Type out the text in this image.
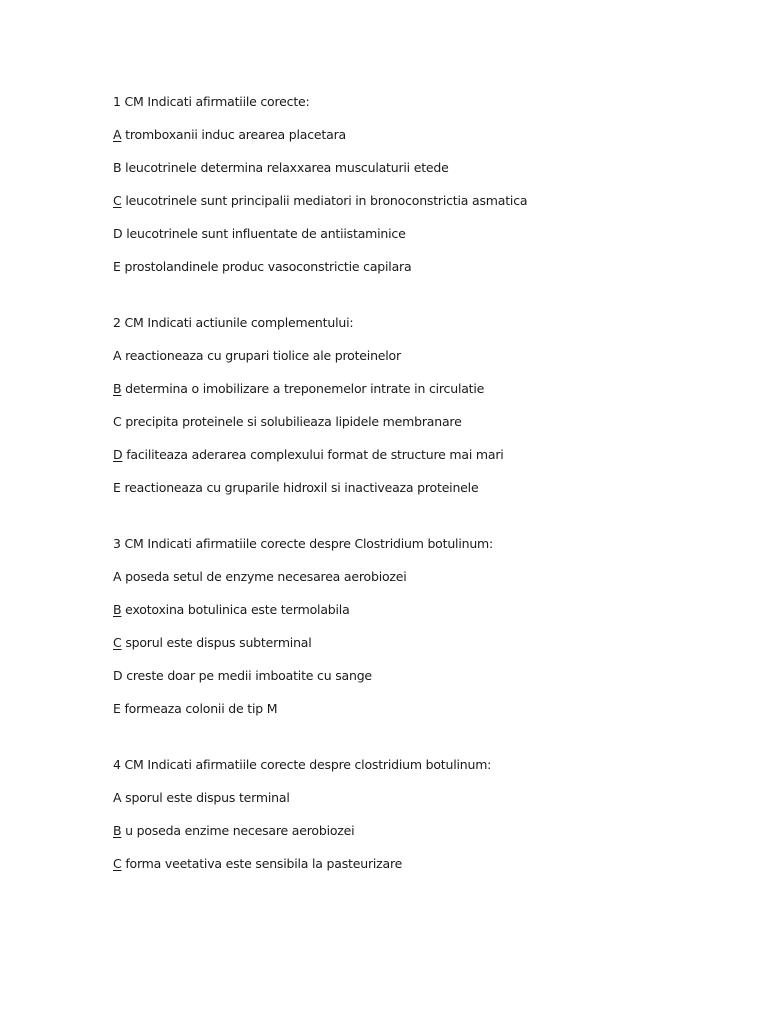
1 CM Indicati afirmatiile corecte:
A tromboxanii induc arearea placetara
B leucotrinele determina relaxxarea musculaturii etede
C leucotrinele sunt principalii mediatori in bronoconstrictia asmatica
D leucotrinele sunt influentate de antiistaminice
E prostolandinele produc vasoconstrictie capilara
2 CM Indicati actiunile complementului:
A reactioneaza cu grupari tiolice ale proteinelor
B determina o imobilizare a treponemelor intrate in circulatie
C precipita proteinele si solubilieaza lipidele membranare
D faciliteaza aderarea complexului format de structure mai mari
E reactioneaza cu gruparile hidroxil si inactiveaza proteinele
3 CM Indicati afirmatiile corecte despre Clostridium botulinum:
A poseda setul de enzyme necesarea aerobiozei
B exotoxina botulinica este termolabila
C sporul este dispus subterminal
D creste doar pe medii imboatite cu sange
E formeaza colonii de tip M
4 CM Indicati afirmatiile corecte despre clostridium botulinum:
A sporul este dispus terminal
B u poseda enzime necesare aerobiozei
C forma veetativa este sensibila la pasteurizare
